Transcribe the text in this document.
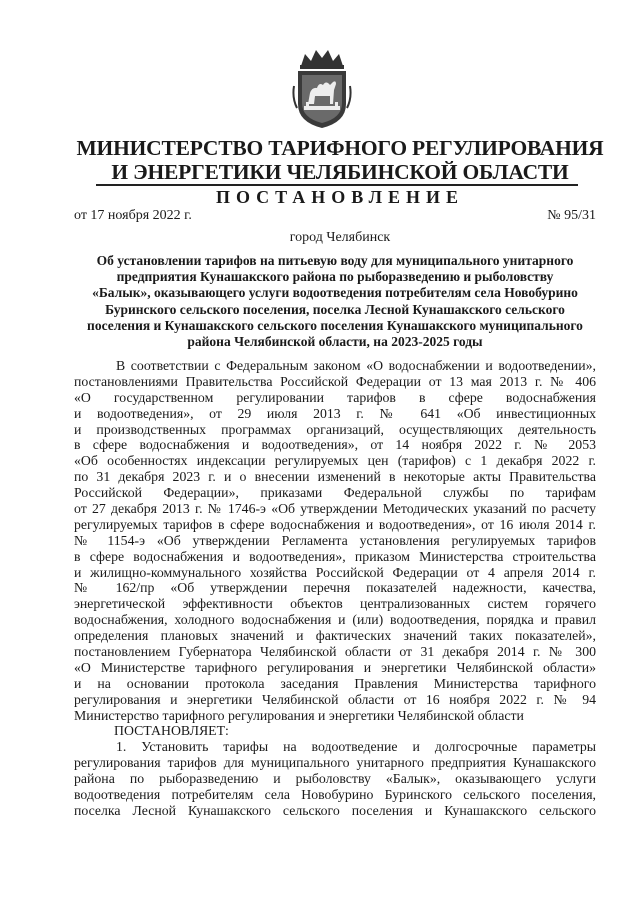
МИНИСТЕРСТВО ТАРИФНОГО РЕГУЛИРОВАНИЯ
И ЭНЕРГЕТИКИ ЧЕЛЯБИНСКОЙ ОБЛАСТИ
ПОСТАНОВЛЕНИЕ
от 17 ноября 2022 г.	№ 95/31
город Челябинск
Об установлении тарифов на питьевую воду для муниципального унитарного
предприятия Кунашакского района по рыборазведению и рыболовству
«Балык», оказывающего услуги водоотведения потребителям села Новобурино
Буринского сельского поселения, поселка Лесной Кунашакского сельского
поселения и Кунашакского сельского поселения Кунашакского муниципального
района Челябинской области, на 2023-2025 годы
В соответствии с Федеральным законом «О водоснабжении и водоотведении»,
постановлениями Правительства Российской Федерации от 13 мая 2013 г. № 406
«О государственном регулировании тарифов в сфере водоснабжения
и водоотведения», от 29 июля 2013 г. № 641 «Об инвестиционных
и производственных программах организаций, осуществляющих деятельность
в сфере водоснабжения и водоотведения», от 14 ноября 2022 г. № 2053
«Об особенностях индексации регулируемых цен (тарифов) с 1 декабря 2022 г.
по 31 декабря 2023 г. и о внесении изменений в некоторые акты Правительства
Российской Федерации», приказами Федеральной службы по тарифам
от 27 декабря 2013 г. № 1746-э «Об утверждении Методических указаний по расчету
регулируемых тарифов в сфере водоснабжения и водоотведения», от 16 июля 2014 г.
№ 1154-э «Об утверждении Регламента установления регулируемых тарифов
в сфере водоснабжения и водоотведения», приказом Министерства строительства
и жилищно-коммунального хозяйства Российской Федерации от 4 апреля 2014 г.
№ 162/пр «Об утверждении перечня показателей надежности, качества,
энергетической эффективности объектов централизованных систем горячего
водоснабжения, холодного водоснабжения и (или) водоотведения, порядка и правил
определения плановых значений и фактических значений таких показателей»,
постановлением Губернатора Челябинской области от 31 декабря 2014 г. № 300
«О Министерстве тарифного регулирования и энергетики Челябинской области»
и на основании протокола заседания Правления Министерства тарифного
регулирования и энергетики Челябинской области от 16 ноября 2022 г. № 94
Министерство тарифного регулирования и энергетики Челябинской области
ПОСТАНОВЛЯЕТ:
1. Установить тарифы на водоотведение и долгосрочные параметры
регулирования тарифов для муниципального унитарного предприятия Кунашакского
района по рыборазведению и рыболовству «Балык», оказывающего услуги
водоотведения потребителям села Новобурино Буринского сельского поселения,
поселка Лесной Кунашакского сельского поселения и Кунашакского сельского
